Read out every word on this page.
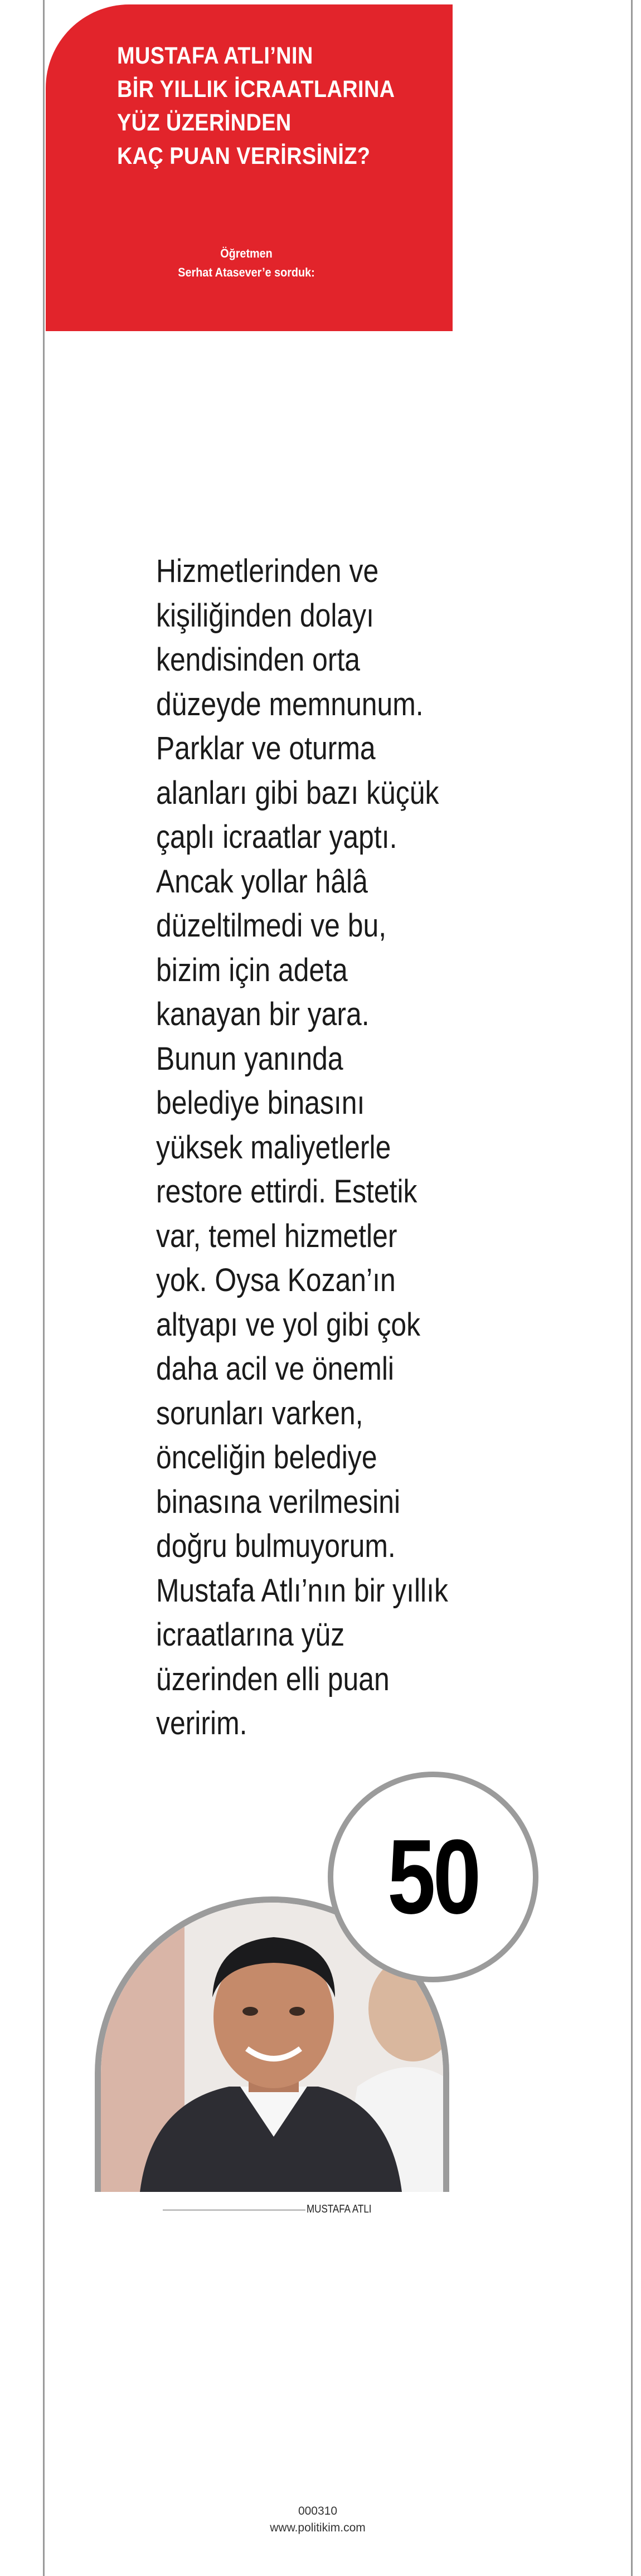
MUSTAFA ATLI’NIN
BİR YILLIK İCRAATLARINA
YÜZ ÜZERİNDEN
KAÇ PUAN VERİRSİNİZ?
Öğretmen
Serhat Atasever’e sorduk:
Hizmetlerinden ve
kişiliğinden dolayı
kendisinden orta
düzeyde memnunum.
Parklar ve oturma
alanları gibi bazı küçük
çaplı icraatlar yaptı.
Ancak yollar hâlâ
düzeltilmedi ve bu,
bizim için adeta
kanayan bir yara.
Bunun yanında
belediye binasını
yüksek maliyetlerle
restore ettirdi. Estetik
var, temel hizmetler
yok. Oysa Kozan’ın
altyapı ve yol gibi çok
daha acil ve önemli
sorunları varken,
önceliğin belediye
binasına verilmesini
doğru bulmuyorum.
Mustafa Atlı’nın bir yıllık
icraatlarına yüz
üzerinden elli puan
veririm.
50
MUSTAFA ATLI
000310
www.politikim.com
